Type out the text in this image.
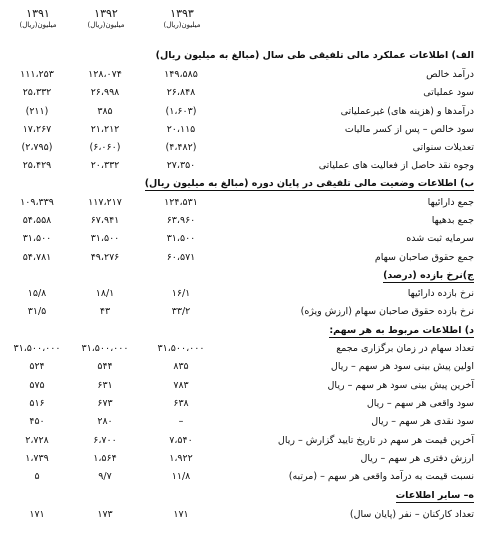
۱۳۹۳
میلیون(ریال)
۱۳۹۲
میلیون(ریال)
۱۳۹۱
میلیون(ریال)
الف) اطلاعات عملکرد مالی تلفیقی طی سال (مبالغ به میلیون ریال)
درآمد خالص
۱۴۹،۵۸۵
۱۲۸،۰۷۴
۱۱۱،۲۵۳
سود عملیاتی
۲۶،۸۴۸
۲۶،۹۹۸
۲۵،۳۳۲
درآمدها و (هزینه های) غیرعملیاتی
(۱،۶۰۳)
۳۸۵
(۲۱۱)
سود خالص – پس از کسر مالیات
۲۰،۱۱۵
۲۱،۲۱۲
۱۷،۲۶۷
تعدیلات سنواتی
(۴،۴۸۲)
(۶،۰۶۰)
(۲،۷۹۵)
وجوه نقد حاصل از فعالیت های عملیاتی
۲۷،۳۵۰
۲۰،۳۳۲
۲۵،۴۲۹
ب) اطلاعات وضعیت مالی تلفیقی در پایان دوره (مبالغ به میلیون ریال)
جمع دارائیها
۱۲۴،۵۳۱
۱۱۷،۲۱۷
۱۰۹،۳۳۹
جمع بدهیها
۶۳،۹۶۰
۶۷،۹۴۱
۵۴،۵۵۸
سرمایه ثبت شده
۳۱،۵۰۰
۳۱،۵۰۰
۳۱،۵۰۰
جمع حقوق صاحبان سهام
۶۰،۵۷۱
۴۹،۲۷۶
۵۴،۷۸۱
ج)نرخ بازده (درصد)
نرخ بازده دارائیها
۱۶/۱
۱۸/۱
۱۵/۸
نرخ بازده حقوق صاحبان سهام (ارزش ویژه)
۳۳/۲
۴۳
۳۱/۵
د) اطلاعات مربوط به هر سهم:
تعداد سهام در زمان برگزاری مجمع
۳۱،۵۰۰،۰۰۰
۳۱،۵۰۰،۰۰۰
۳۱،۵۰۰،۰۰۰
اولین پیش بینی سود هر سهم – ریال
۸۳۵
۵۴۴
۵۲۴
آخرین پیش بینی سود هر سهم – ریال
۷۸۳
۶۳۱
۵۷۵
سود واقعی هر سهم – ریال
۶۳۸
۶۷۳
۵۱۶
سود نقدی هر سهم – ریال
–
۲۸۰
۴۵۰
آخرین قیمت هر سهم در تاریخ تایید گزارش – ریال
۷،۵۴۰
۶،۷۰۰
۲،۷۲۸
ارزش دفتری هر سهم – ریال
۱،۹۲۲
۱،۵۶۴
۱،۷۳۹
نسبت قیمت به درآمد واقعی هر سهم – (مرتبه)
۱۱/۸
۹/۷
۵
ه– سایر اطلاعات
تعداد کارکنان – نفر (پایان سال)
۱۷۱
۱۷۳
۱۷۱
